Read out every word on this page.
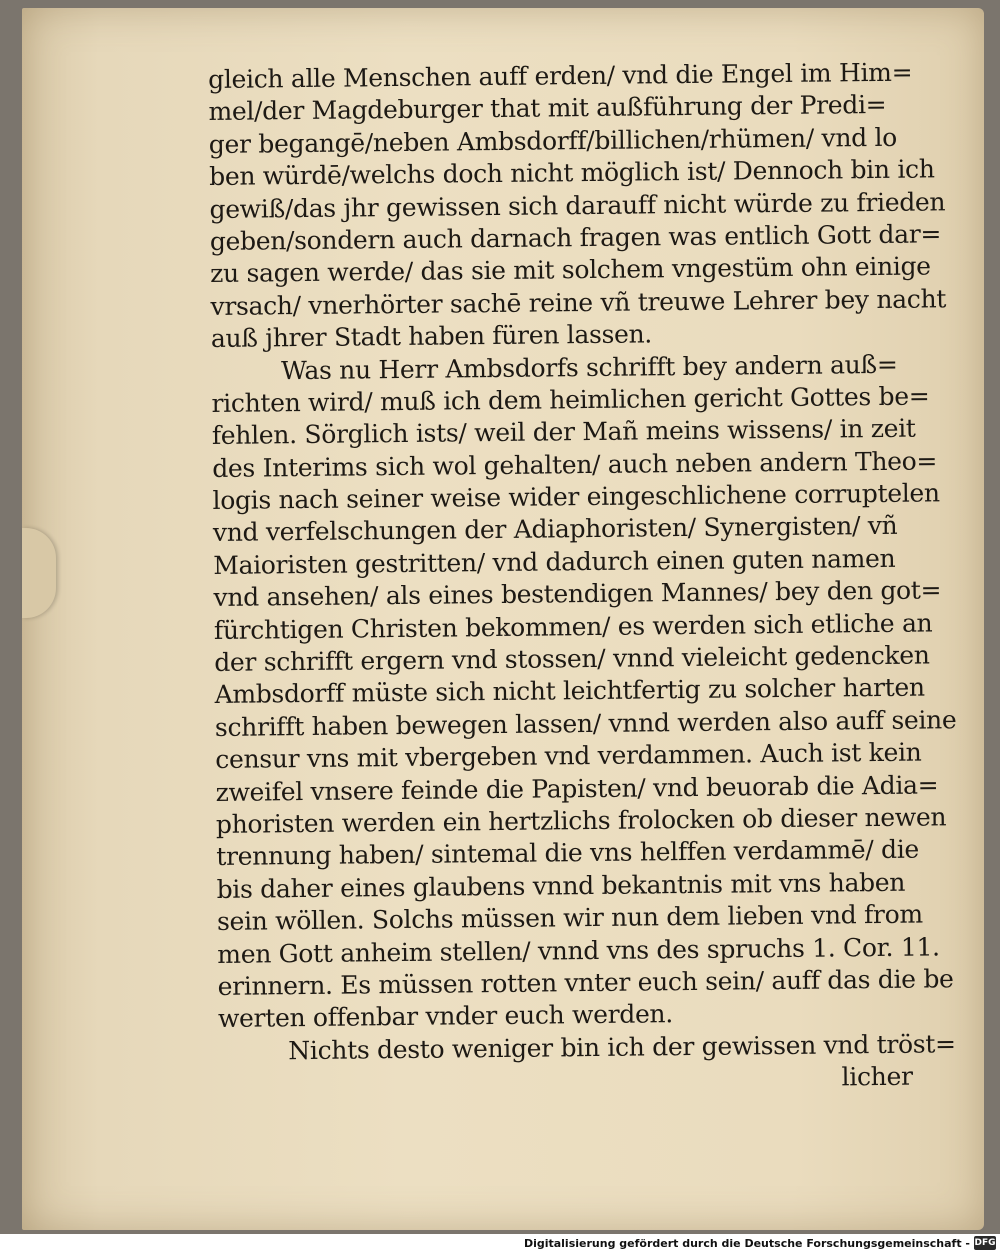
gleich alle Menschen auff erden/ vnd die Engel im Him=
mel/der Magdeburger that mit außführung der Predi=
ger begangē/neben Ambsdorff/billichen/rhümen/ vnd lo
ben würdē/welchs doch nicht möglich ist/ Dennoch bin ich
gewiß/das jhr gewissen sich darauff nicht würde zu frieden
geben/sondern auch darnach fragen was entlich Gott dar=
zu sagen werde/ das sie mit solchem vngestüm ohn einige
vrsach/ vnerhörter sachē reine vñ treuwe Lehrer bey nacht
auß jhrer Stadt haben füren lassen.
Was nu Herr Ambsdorfs schrifft bey andern auß=
richten wird/ muß ich dem heimlichen gericht Gottes be=
fehlen. Sörglich ists/ weil der Mañ meins wissens/ in zeit
des Interims sich wol gehalten/ auch neben andern Theo=
logis nach seiner weise wider eingeschlichene corruptelen
vnd verfelschungen der Adiaphoristen/ Synergisten/ vñ
Maioristen gestritten/ vnd dadurch einen guten namen
vnd ansehen/ als eines bestendigen Mannes/ bey den got=
fürchtigen Christen bekommen/ es werden sich etliche an
der schrifft ergern vnd stossen/ vnnd vieleicht gedencken
Ambsdorff müste sich nicht leichtfertig zu solcher harten
schrifft haben bewegen lassen/ vnnd werden also auff seine
censur vns mit vbergeben vnd verdammen. Auch ist kein
zweifel vnsere feinde die Papisten/ vnd beuorab die Adia=
phoristen werden ein hertzlichs frolocken ob dieser newen
trennung haben/ sintemal die vns helffen verdammē/ die
bis daher eines glaubens vnnd bekantnis mit vns haben
sein wöllen. Solchs müssen wir nun dem lieben vnd from
men Gott anheim stellen/ vnnd vns des spruchs 1. Cor. 11.
erinnern. Es müssen rotten vnter euch sein/ auff das die be
werten offenbar vnder euch werden.
Nichts desto weniger bin ich der gewissen vnd tröst=
licher
Digitalisierung gefördert durch die Deutsche Forschungsgemeinschaft - DFG
